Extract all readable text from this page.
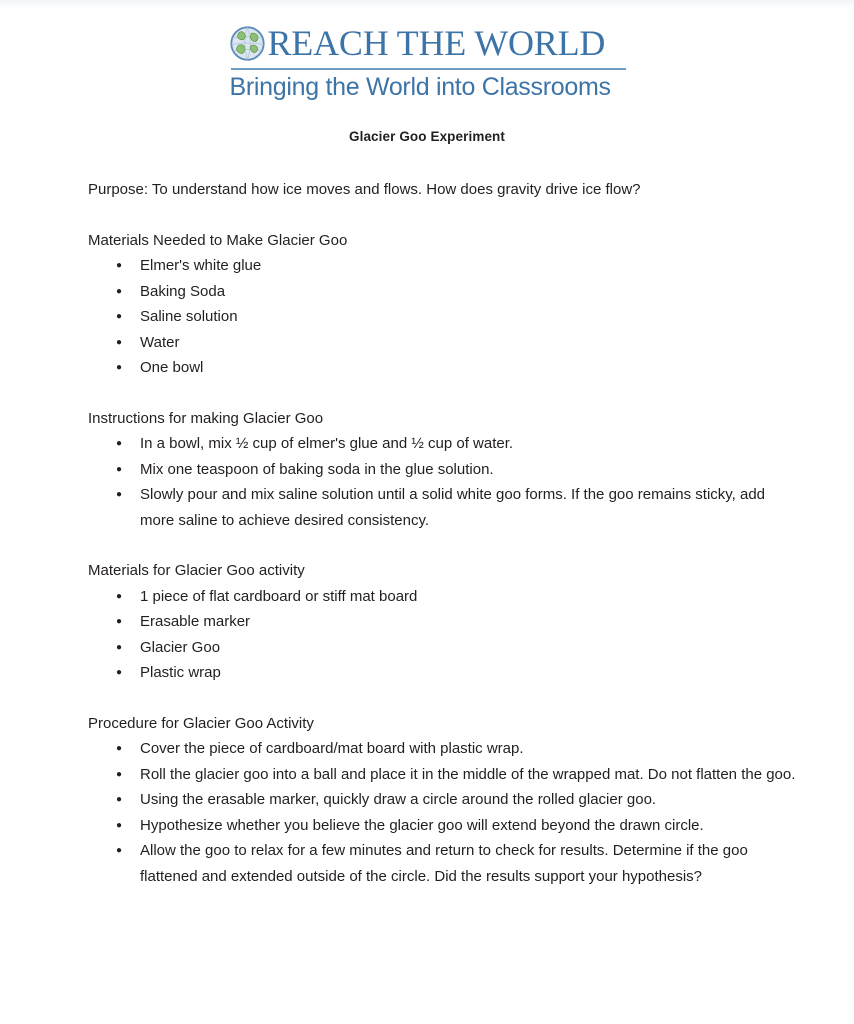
REACH THE WORLD
Bringing the World into Classrooms
Glacier Goo Experiment

Purpose: To understand how ice moves and flows. How does gravity drive ice flow?

Materials Needed to Make Glacier Goo

● Elmer's white glue
● Baking Soda
● Saline solution
● Water
● One bowl

Instructions for making Glacier Goo

● In a bowl, mix ½ cup of elmer's glue and ½ cup of water.
● Mix one teaspoon of baking soda in the glue solution.
● Slowly pour and mix saline solution until a solid white goo forms. If the goo remains sticky, add more saline to achieve desired consistency.

Materials for Glacier Goo activity

● 1 piece of flat cardboard or stiff mat board
● Erasable marker
● Glacier Goo
● Plastic wrap

Procedure for Glacier Goo Activity

● Cover the piece of cardboard/mat board with plastic wrap.
● Roll the glacier goo into a ball and place it in the middle of the wrapped mat. Do not flatten the goo.
● Using the erasable marker, quickly draw a circle around the rolled glacier goo.
● Hypothesize whether you believe the glacier goo will extend beyond the drawn circle.
● Allow the goo to relax for a few minutes and return to check for results. Determine if the goo flattened and extended outside of the circle. Did the results support your hypothesis?
